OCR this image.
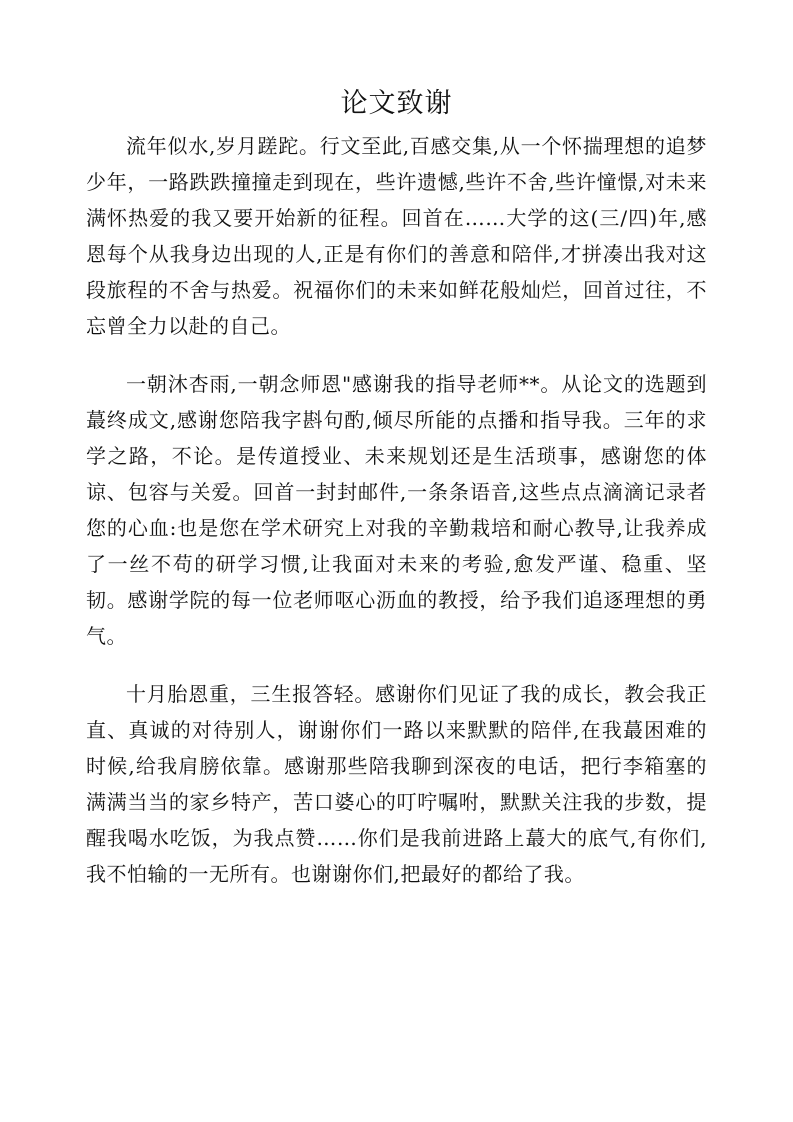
论文致谢

流年似水,岁月蹉跎。行文至此,百感交集,从一个怀揣理想的追梦少年，一路跌跌撞撞走到现在，些许遗憾,些许不舍,些许憧憬,对未来满怀热爱的我又要开始新的征程。回首在……大学的这(三/四)年,感恩每个从我身边出现的人,正是有你们的善意和陪伴,才拼凑出我对这段旅程的不舍与热爱。祝福你们的未来如鲜花般灿烂，回首过往，不忘曾全力以赴的自己。

一朝沐杏雨,一朝念师恩"感谢我的指导老师**。从论文的选题到蕞终成文,感谢您陪我字斟句酌,倾尽所能的点播和指导我。三年的求学之路，不论。是传道授业、未来规划还是生活琐事，感谢您的体谅、包容与关爱。回首一封封邮件,一条条语音,这些点点滴滴记录者您的心血:也是您在学术研究上对我的辛勤栽培和耐心教导,让我养成了一丝不苟的研学习惯,让我面对未来的考验,愈发严谨、稳重、坚韧。感谢学院的每一位老师呕心沥血的教授，给予我们追逐理想的勇气。

十月胎恩重，三生报答轻。感谢你们见证了我的成长，教会我正直、真诚的对待别人，谢谢你们一路以来默默的陪伴,在我蕞困难的时候,给我肩膀依靠。感谢那些陪我聊到深夜的电话，把行李箱塞的满满当当的家乡特产，苦口婆心的叮咛嘱咐，默默关注我的步数，提醒我喝水吃饭，为我点赞……你们是我前进路上蕞大的底气,有你们,我不怕输的一无所有。也谢谢你们,把最好的都给了我。
